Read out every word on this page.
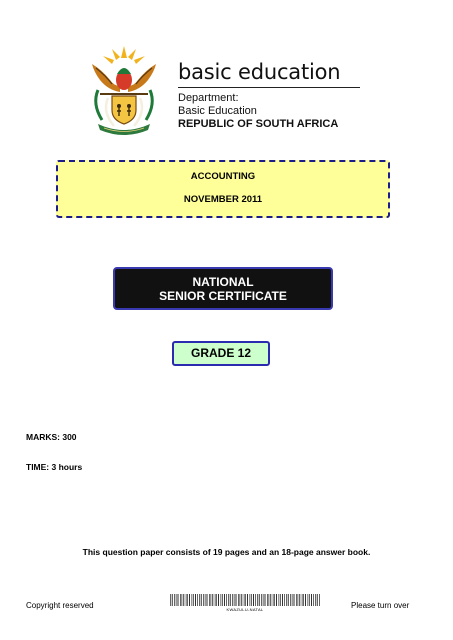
basic education
Department:
Basic Education
REPUBLIC OF SOUTH AFRICA
ACCOUNTING
NOVEMBER 2011
NATIONAL
SENIOR CERTIFICATE
GRADE 12
MARKS: 300
TIME: 3 hours
This question paper consists of 19 pages and an 18-page answer book.
Copyright reserved	KWAZULU-NATAL	Please turn over
